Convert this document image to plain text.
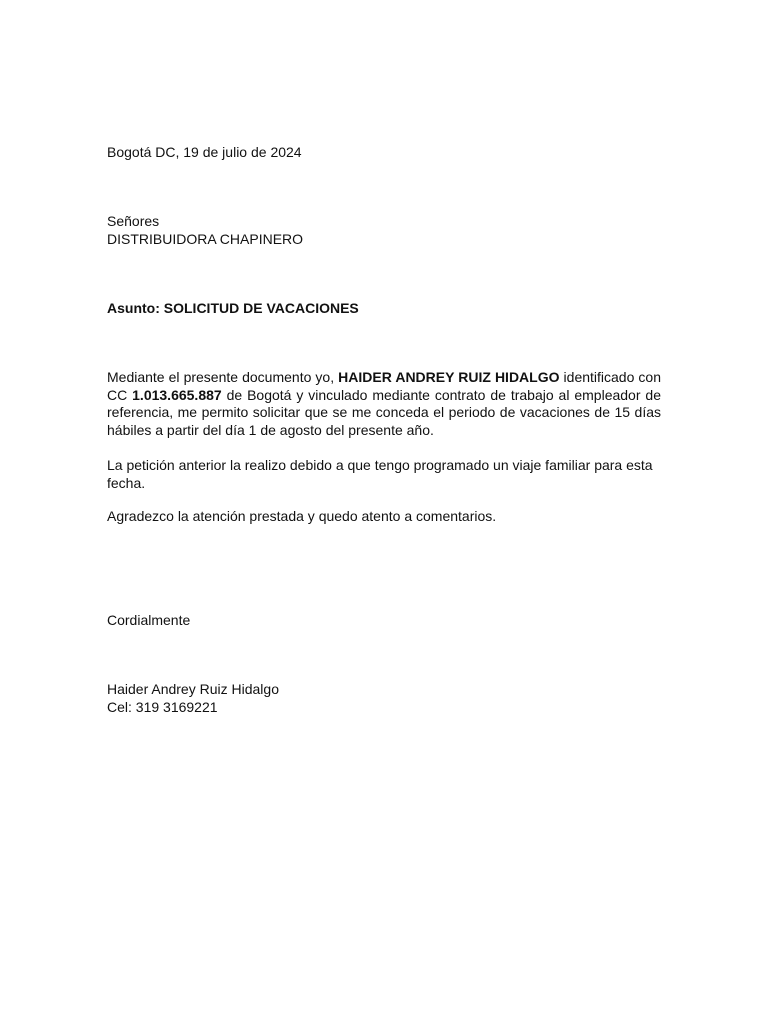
Bogotá DC, 19 de julio de 2024
Señores
DISTRIBUIDORA CHAPINERO
Asunto: SOLICITUD DE VACACIONES

Mediante el presente documento yo, HAIDER ANDREY RUIZ HIDALGO identificado con CC 1.013.665.887 de Bogotá y vinculado mediante contrato de trabajo al empleador de referencia, me permito solicitar que se me conceda el periodo de vacaciones de 15 días hábiles a partir del día 1 de agosto del presente año.

La petición anterior la realizo debido a que tengo programado un viaje familiar para esta fecha.
Agradezco la atención prestada y quedo atento a comentarios.
Cordialmente
Haider Andrey Ruiz Hidalgo
Cel: 319 3169221
